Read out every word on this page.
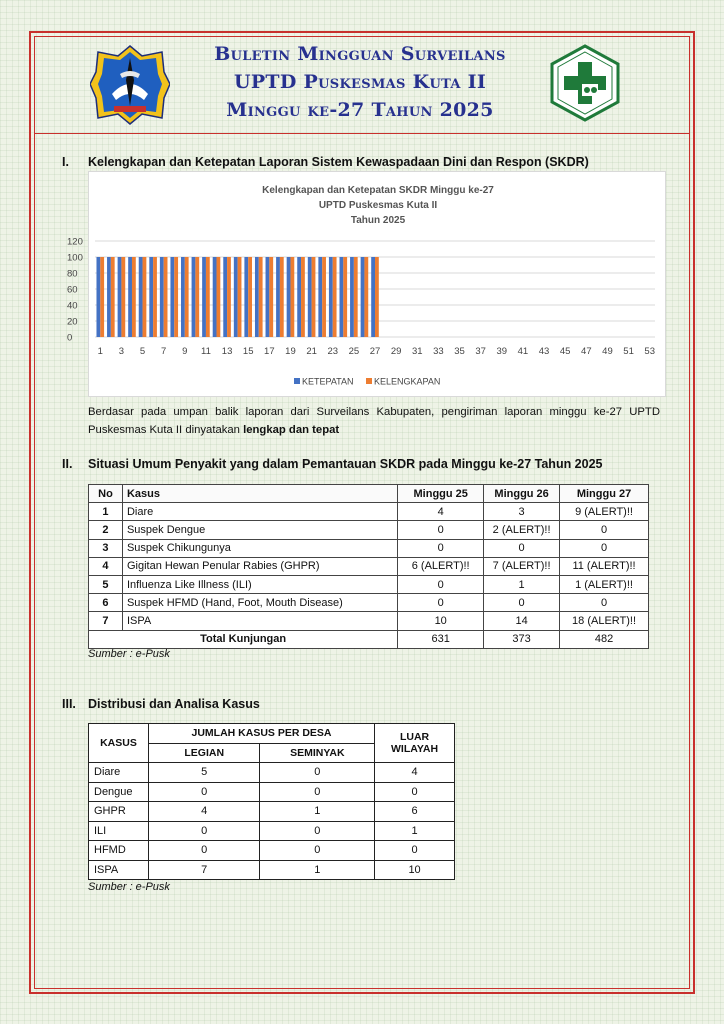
Buletin Mingguan Surveilans
UPTD Puskesmas Kuta II
Minggu ke-27 Tahun 2025
I. Kelengkapan dan Ketepatan Laporan Sistem Kewaspadaan Dini dan Respon (SKDR)
Kelengkapan dan Ketepatan SKDR Minggu ke-27
UPTD Puskesmas Kuta II
Tahun 2025
0
20
40
60
80
100
120
1 3 5 7 9 11 13 15 17 19 21 23 25 27 29 31 33 35 37 39 41 43 45 47 49 51 53
KETEPATAN KELENGKAPAN
Berdasar pada umpan balik laporan dari Surveilans Kabupaten, pengiriman laporan minggu ke-27 UPTD Puskesmas Kuta II dinyatakan lengkap dan tepat
II. Situasi Umum Penyakit yang dalam Pemantauan SKDR pada Minggu ke-27 Tahun 2025
No	Kasus	Minggu 25	Minggu 26	Minggu 27
1	Diare	4	3	9 (ALERT)!!
2	Suspek Dengue	0	2 (ALERT)!!	0
3	Suspek Chikungunya	0	0	0
4	Gigitan Hewan Penular Rabies (GHPR)	6 (ALERT)!!	7 (ALERT)!!	11 (ALERT)!!
5	Influenza Like Illness (ILI)	0	1	1 (ALERT)!!
6	Suspek HFMD (Hand, Foot, Mouth Disease)	0	0	0
7	ISPA	10	14	18 (ALERT)!!
Total Kunjungan		631	373	482
Sumber : e-Pusk
III. Distribusi dan Analisa Kasus
KASUS	JUMLAH KASUS PER DESA		LUAR WILAYAH
	LEGIAN	SEMINYAK	
Diare	5	0	4
Dengue	0	0	0
GHPR	4	1	6
ILI	0	0	1
HFMD	0	0	0
ISPA	7	1	10
Sumber : e-Pusk
